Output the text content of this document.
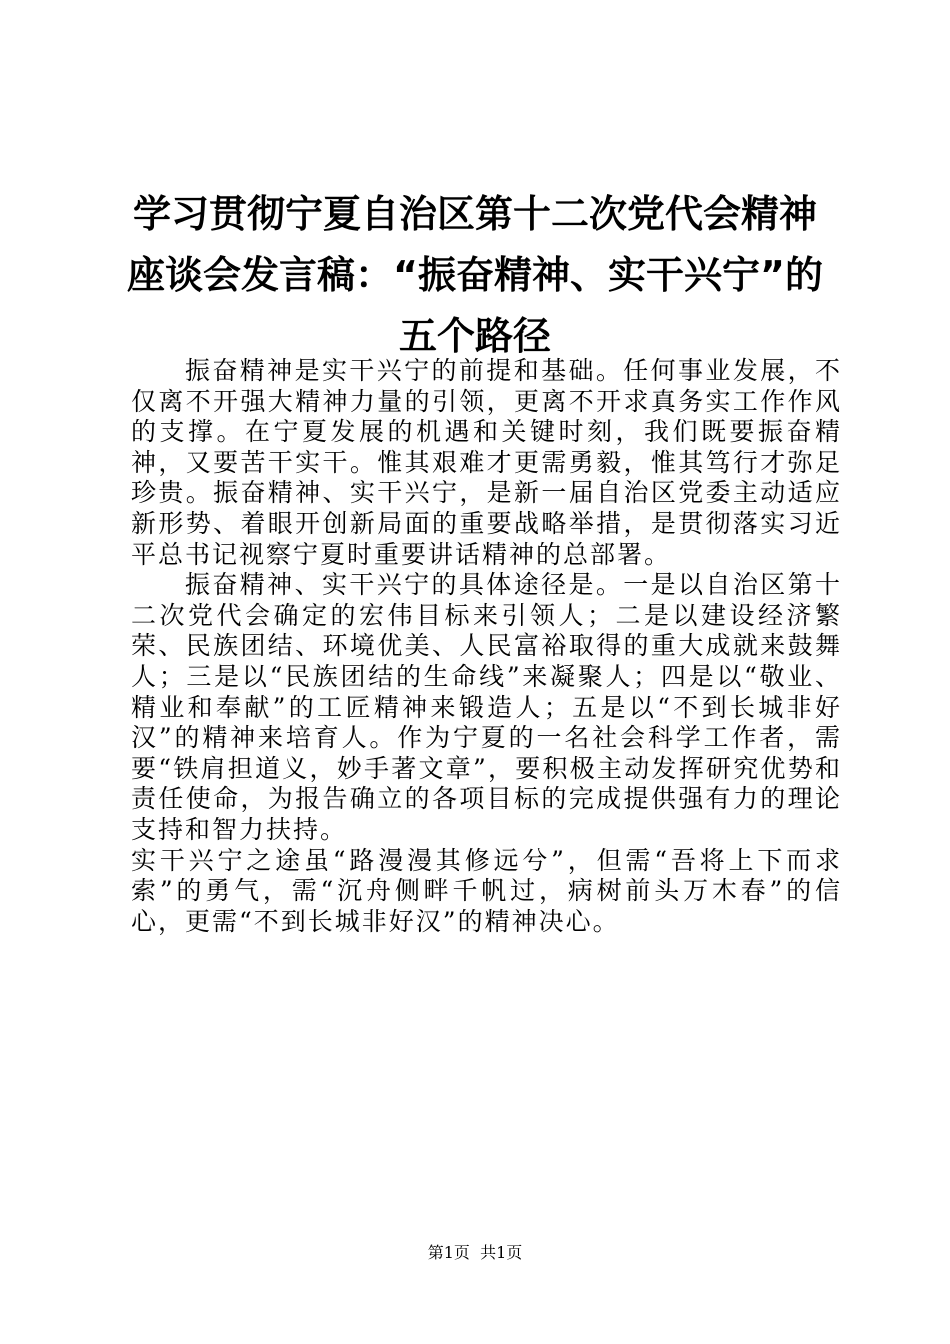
学习贯彻宁夏自治区第十二次党代会精神座谈会发言稿：“振奋精神、实干兴宁”的五个路径

振奋精神是实干兴宁的前提和基础。任何事业发展，不仅离不开强大精神力量的引领，更离不开求真务实工作作风的支撑。在宁夏发展的机遇和关键时刻，我们既要振奋精神，又要苦干实干。惟其艰难才更需勇毅，惟其笃行才弥足珍贵。振奋精神、实干兴宁，是新一届自治区党委主动适应新形势、着眼开创新局面的重要战略举措，是贯彻落实习近平总书记视察宁夏时重要讲话精神的总部署。

振奋精神、实干兴宁的具体途径是。一是以自治区第十二次党代会确定的宏伟目标来引领人；二是以建设经济繁荣、民族团结、环境优美、人民富裕取得的重大成就来鼓舞人；三是以“民族团结的生命线”来凝聚人；四是以“敬业、精业和奉献”的工匠精神来锻造人；五是以“不到长城非好汉”的精神来培育人。作为宁夏的一名社会科学工作者，需要“铁肩担道义，妙手著文章”，要积极主动发挥研究优势和责任使命，为报告确立的各项目标的完成提供强有力的理论支持和智力扶持。

实干兴宁之途虽“路漫漫其修远兮”，但需“吾将上下而求索”的勇气，需“沉舟侧畔千帆过，病树前头万木春”的信心，更需“不到长城非好汉”的精神决心。

第1页 共1页
